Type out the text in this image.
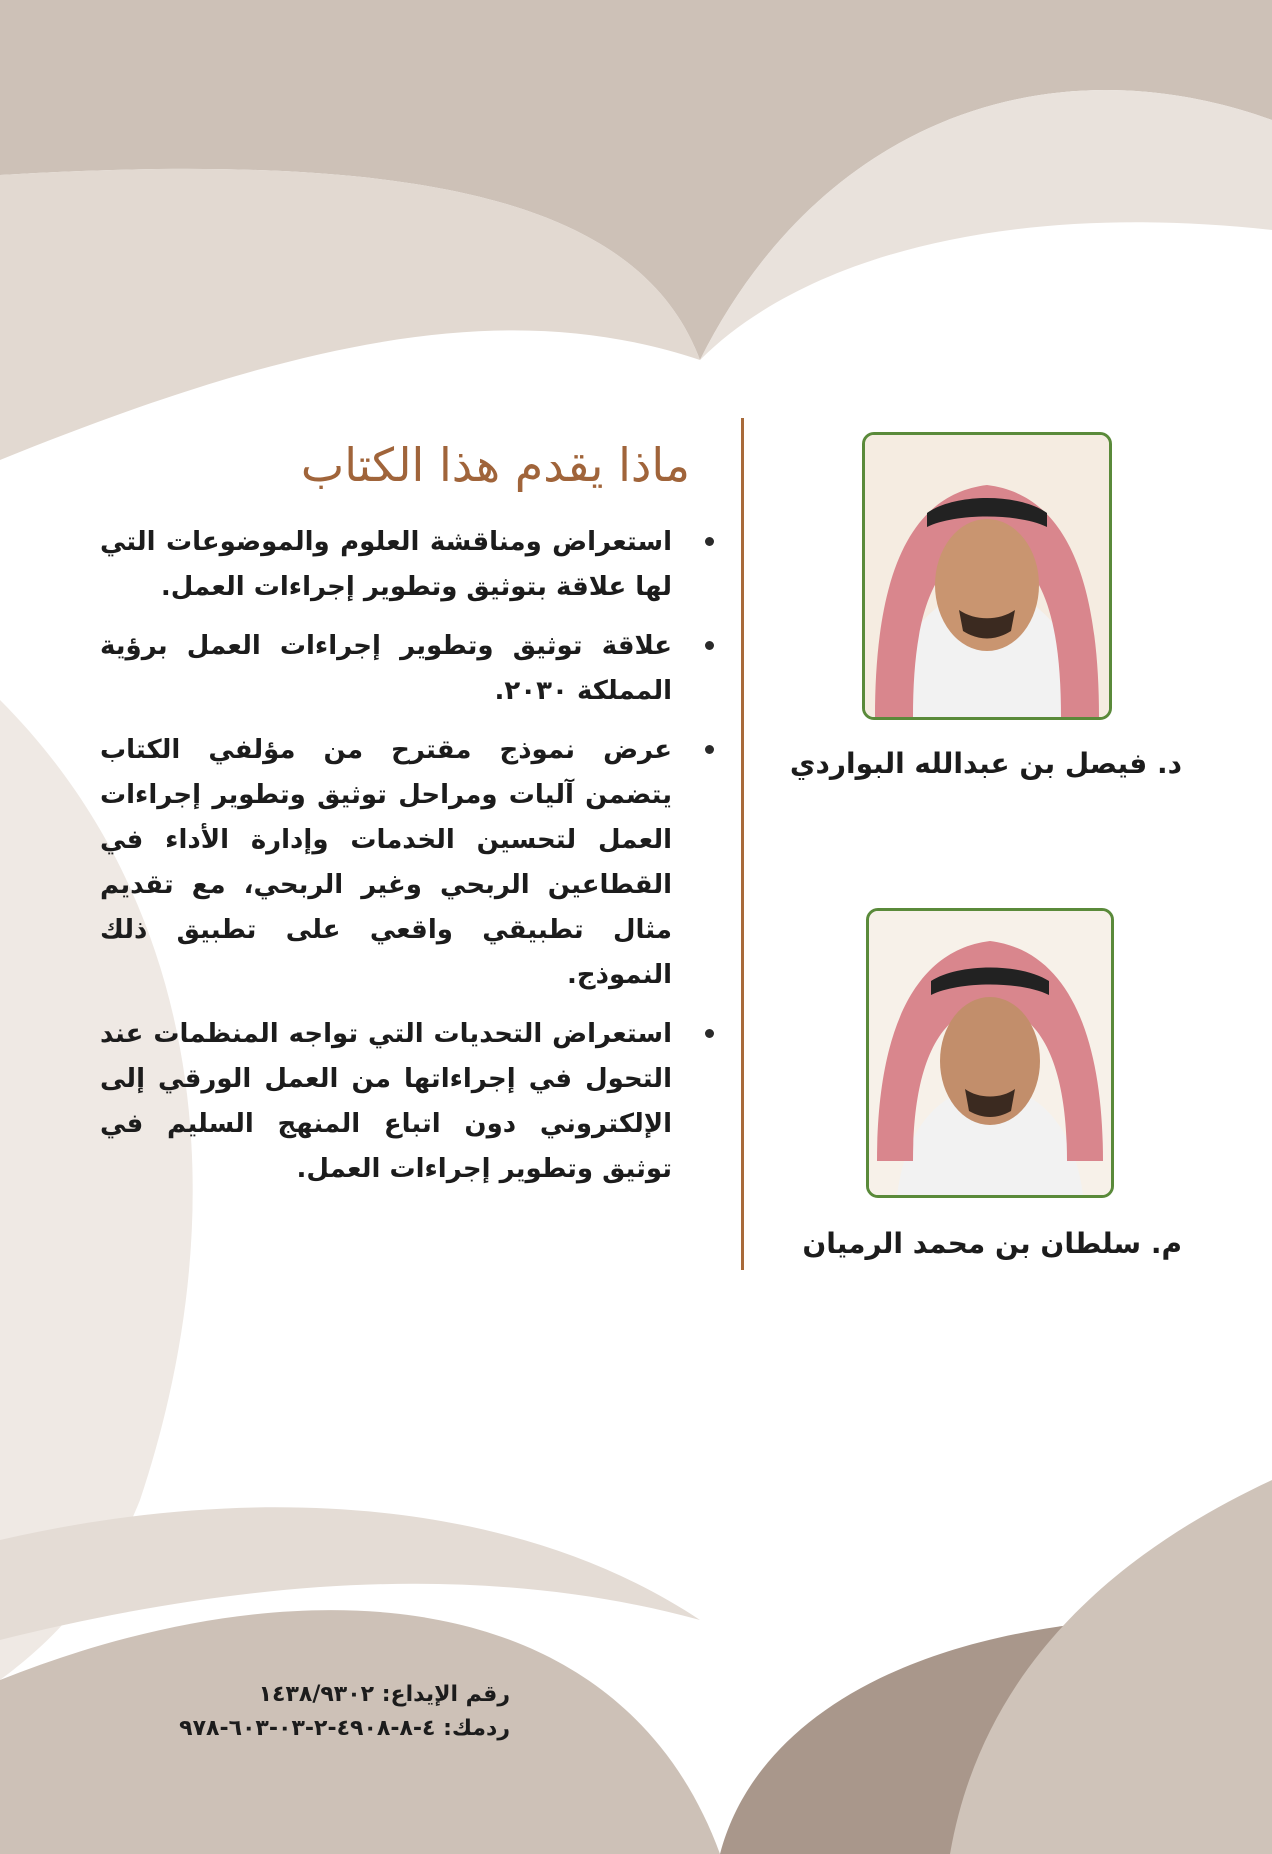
ماذا يقدم هذا الكتاب
استعراض ومناقشة العلوم والموضوعات التي لها علاقة بتوثيق وتطوير إجراءات العمل.
علاقة توثيق وتطوير إجراءات العمل برؤية المملكة ٢٠٣٠.
عرض نموذج مقترح من مؤلفي الكتاب يتضمن آليات ومراحل توثيق وتطوير إجراءات العمل لتحسين الخدمات وإدارة الأداء في القطاعين الربحي وغير الربحي، مع تقديم مثال تطبيقي واقعي على تطبيق ذلك النموذج.
استعراض التحديات التي تواجه المنظمات عند التحول في إجراءاتها من العمل الورقي إلى الإلكتروني دون اتباع المنهج السليم في توثيق وتطوير إجراءات العمل.
د. فيصل بن عبدالله البواردي
م. سلطان بن محمد الرميان
رقم الإيداع: ١٤٣٨/٩٣٠٢
ردمك: ٤-٨-٤٩٠٨-٢-٠٣-٦٠٣-٩٧٨
